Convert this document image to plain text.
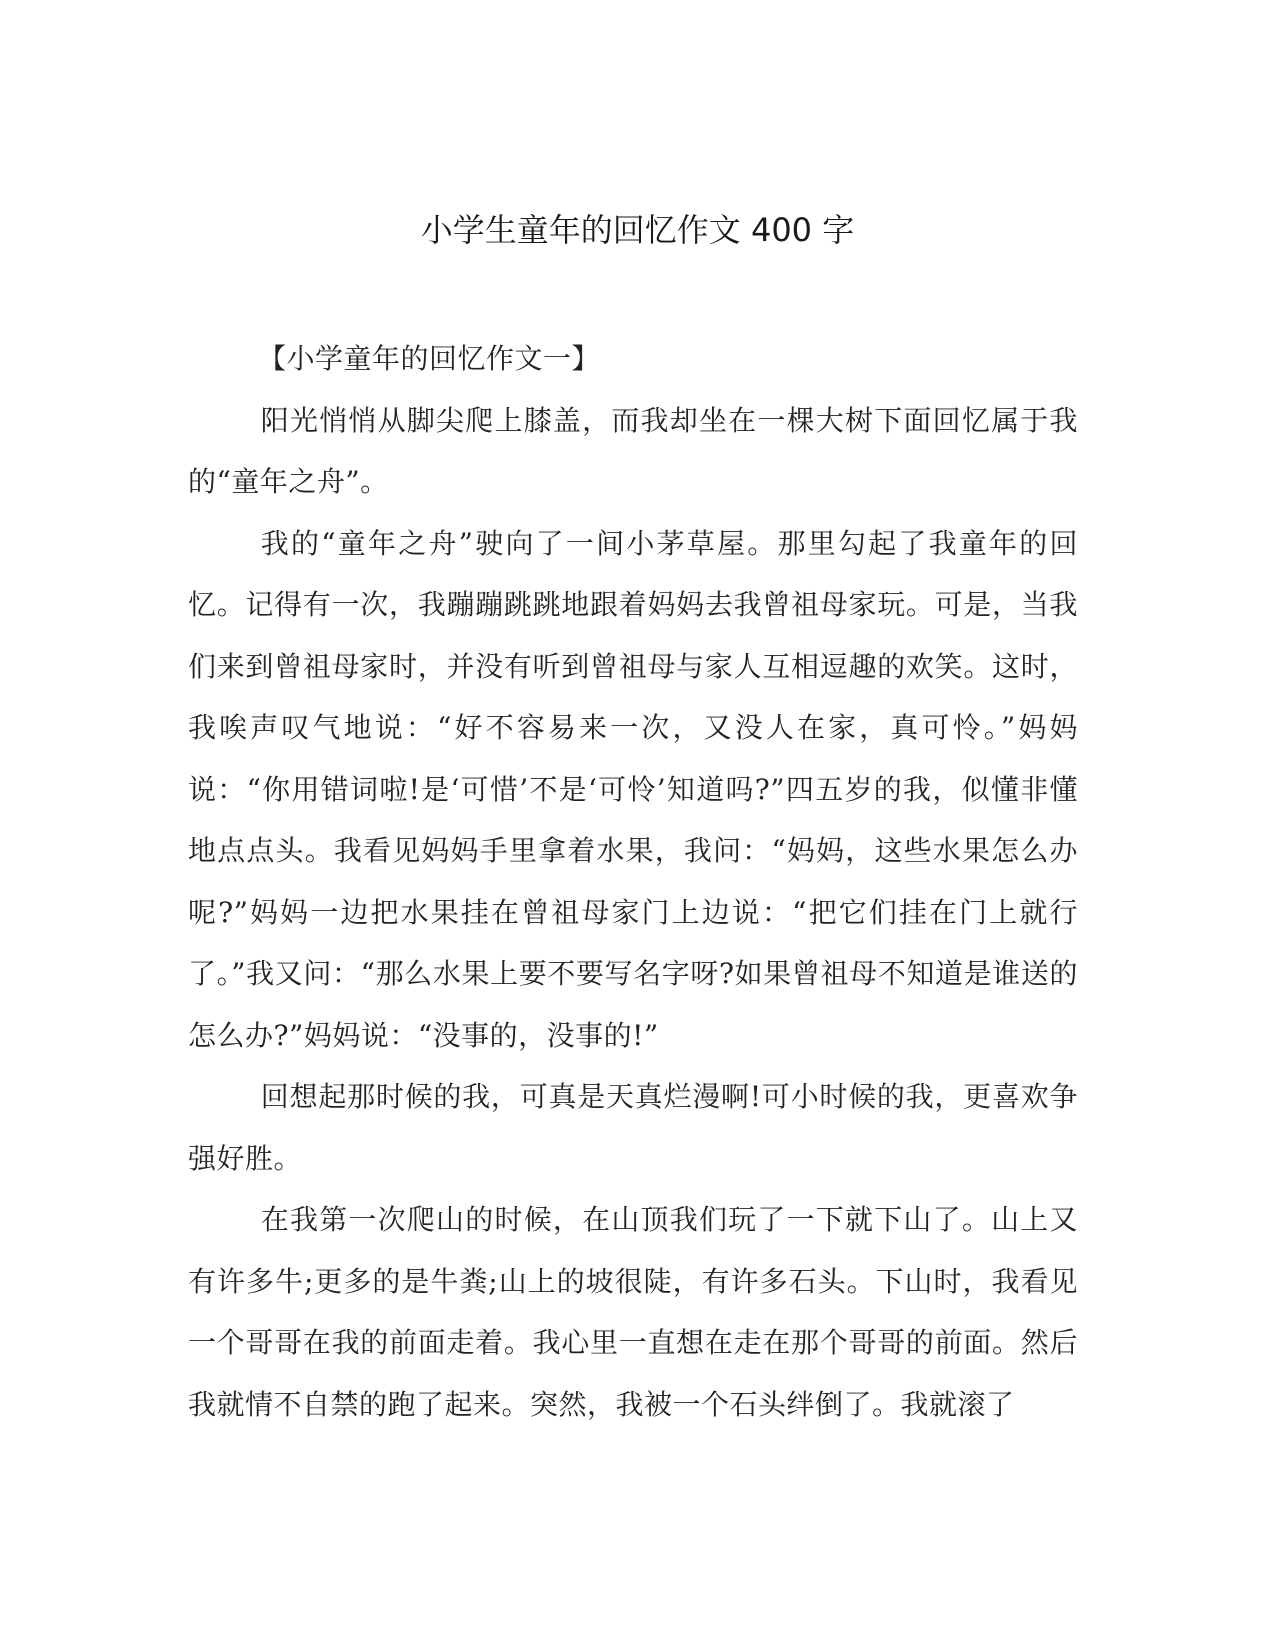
小学生童年的回忆作文 400 字

【小学童年的回忆作文一】

阳光悄悄从脚尖爬上膝盖，而我却坐在一棵大树下面回忆属于我的“童年之舟”。

我的“童年之舟”驶向了一间小茅草屋。那里勾起了我童年的回忆。记得有一次，我蹦蹦跳跳地跟着妈妈去我曾祖母家玩。可是，当我们来到曾祖母家时，并没有听到曾祖母与家人互相逗趣的欢笑。这时，我唉声叹气地说：“好不容易来一次，又没人在家，真可怜。”妈妈说：“你用错词啦!是‘可惜’不是‘可怜’知道吗?”四五岁的我，似懂非懂地点点头。我看见妈妈手里拿着水果，我问：“妈妈，这些水果怎么办呢?”妈妈一边把水果挂在曾祖母家门上边说：“把它们挂在门上就行了。”我又问：“那么水果上要不要写名字呀?如果曾祖母不知道是谁送的怎么办?”妈妈说：“没事的，没事的!”

回想起那时候的我，可真是天真烂漫啊!可小时候的我，更喜欢争强好胜。

在我第一次爬山的时候，在山顶我们玩了一下就下山了。山上又有许多牛;更多的是牛粪;山上的坡很陡，有许多石头。下山时，我看见一个哥哥在我的前面走着。我心里一直想在走在那个哥哥的前面。然后我就情不自禁的跑了起来。突然，我被一个石头绊倒了。我就滚了
